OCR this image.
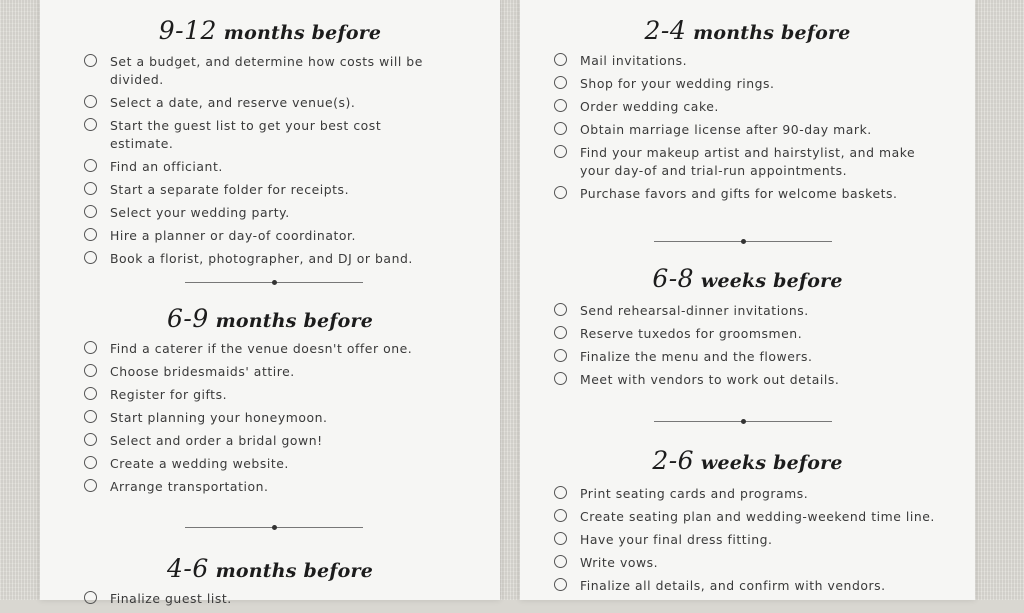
9-12 months before
Set a budget, and determine how costs will be divided.
Select a date, and reserve venue(s).
Start the guest list to get your best cost estimate.
Find an officiant.
Start a separate folder for receipts.
Select your wedding party.
Hire a planner or day-of coordinator.
Book a florist, photographer, and DJ or band.
6-9 months before
Find a caterer if the venue doesn't offer one.
Choose bridesmaids' attire.
Register for gifts.
Start planning your honeymoon.
Select and order a bridal gown!
Create a wedding website.
Arrange transportation.
4-6 months before
Finalize guest list.
2-4 months before
Mail invitations.
Shop for your wedding rings.
Order wedding cake.
Obtain marriage license after 90-day mark.
Find your makeup artist and hairstylist, and make your day-of and trial-run appointments.
Purchase favors and gifts for welcome baskets.
6-8 weeks before
Send rehearsal-dinner invitations.
Reserve tuxedos for groomsmen.
Finalize the menu and the flowers.
Meet with vendors to work out details.
2-6 weeks before
Print seating cards and programs.
Create seating plan and wedding-weekend time line.
Have your final dress fitting.
Write vows.
Finalize all details, and confirm with vendors.
